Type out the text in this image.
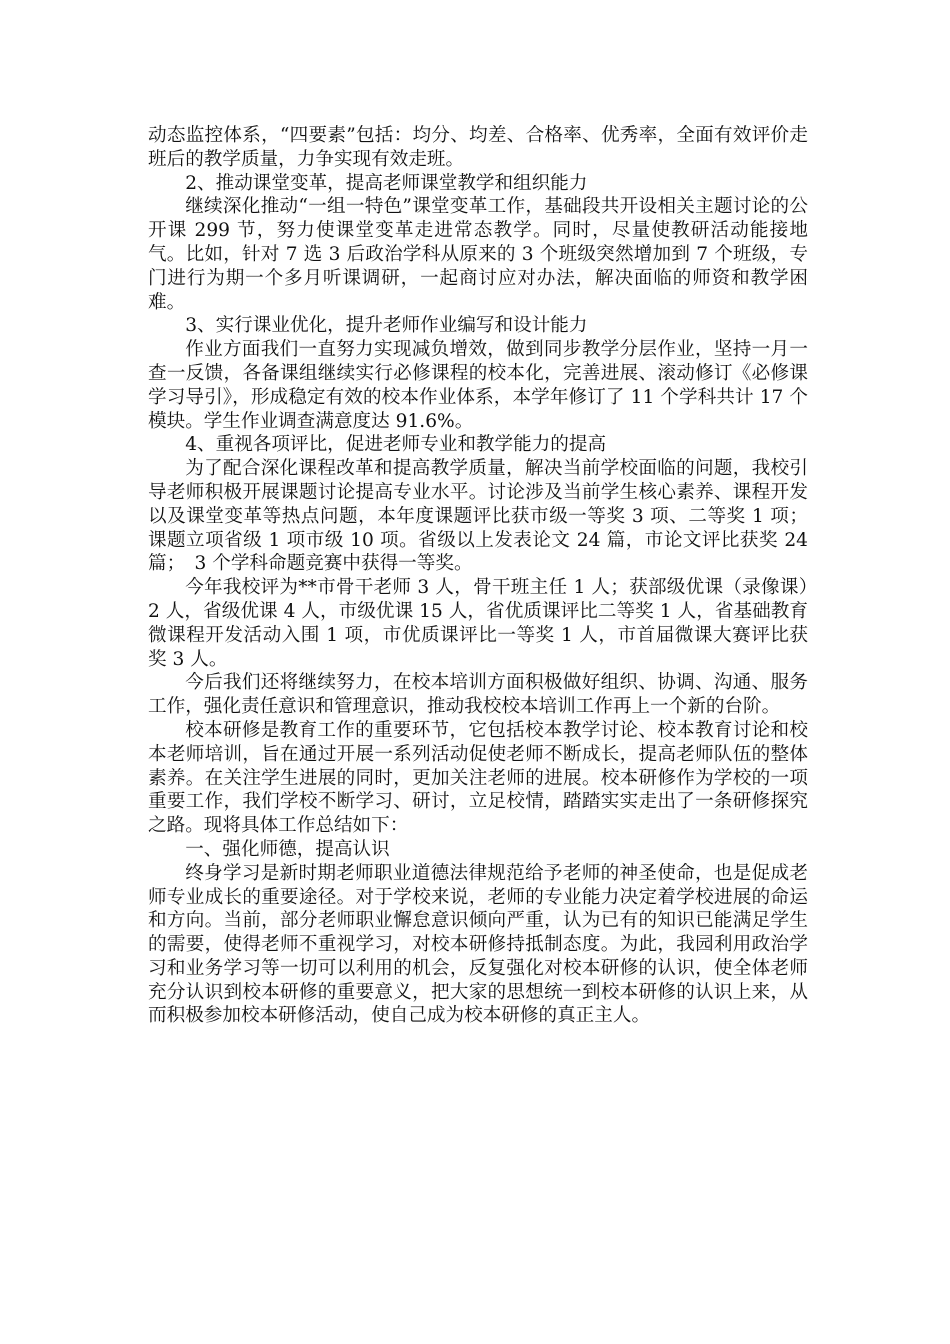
动态监控体系，“四要素”包括：均分、均差、合格率、优秀率，全面有效评价走班后的教学质量，力争实现有效走班。

2、推动课堂变革，提高老师课堂教学和组织能力

继续深化推动“一组一特色”课堂变革工作，基础段共开设相关主题讨论的公开课 299 节，努力使课堂变革走进常态教学。同时，尽量使教研活动能接地气。比如，针对 7 选 3 后政治学科从原来的 3 个班级突然增加到 7 个班级，专门进行为期一个多月听课调研，一起商讨应对办法，解决面临的师资和教学困难。

3、实行课业优化，提升老师作业编写和设计能力

作业方面我们一直努力实现减负增效，做到同步教学分层作业，坚持一月一查一反馈，各备课组继续实行必修课程的校本化，完善进展、滚动修订《必修课学习导引》，形成稳定有效的校本作业体系，本学年修订了 11 个学科共计 17 个模块。学生作业调查满意度达 91.6%。

4、重视各项评比，促进老师专业和教学能力的提高

为了配合深化课程改革和提高教学质量，解决当前学校面临的问题，我校引导老师积极开展课题讨论提高专业水平。讨论涉及当前学生核心素养、课程开发以及课堂变革等热点问题，本年度课题评比获市级一等奖 3 项、二等奖 1 项；课题立项省级 1 项市级 10 项。省级以上发表论文 24 篇，市论文评比获奖 24 篇；　3 个学科命题竞赛中获得一等奖。

今年我校评为**市骨干老师 3 人，骨干班主任 1 人；获部级优课（录像课）2 人，省级优课 4 人，市级优课 15 人，省优质课评比二等奖 1 人，省基础教育微课程开发活动入围 1 项，市优质课评比一等奖 1 人，市首届微课大赛评比获奖 3 人。

今后我们还将继续努力，在校本培训方面积极做好组织、协调、沟通、服务工作，强化责任意识和管理意识，推动我校校本培训工作再上一个新的台阶。

校本研修是教育工作的重要环节，它包括校本教学讨论、校本教育讨论和校本老师培训，旨在通过开展一系列活动促使老师不断成长，提高老师队伍的整体素养。在关注学生进展的同时，更加关注老师的进展。校本研修作为学校的一项重要工作，我们学校不断学习、研讨，立足校情，踏踏实实走出了一条研修探究之路。现将具体工作总结如下：

一、强化师德，提高认识

终身学习是新时期老师职业道德法律规范给予老师的神圣使命，也是促成老师专业成长的重要途径。对于学校来说，老师的专业能力决定着学校进展的命运和方向。当前，部分老师职业懈怠意识倾向严重，认为已有的知识已能满足学生的需要，使得老师不重视学习，对校本研修持抵制态度。为此，我园利用政治学习和业务学习等一切可以利用的机会，反复强化对校本研修的认识，使全体老师充分认识到校本研修的重要意义，把大家的思想统一到校本研修的认识上来，从而积极参加校本研修活动，使自己成为校本研修的真正主人。
